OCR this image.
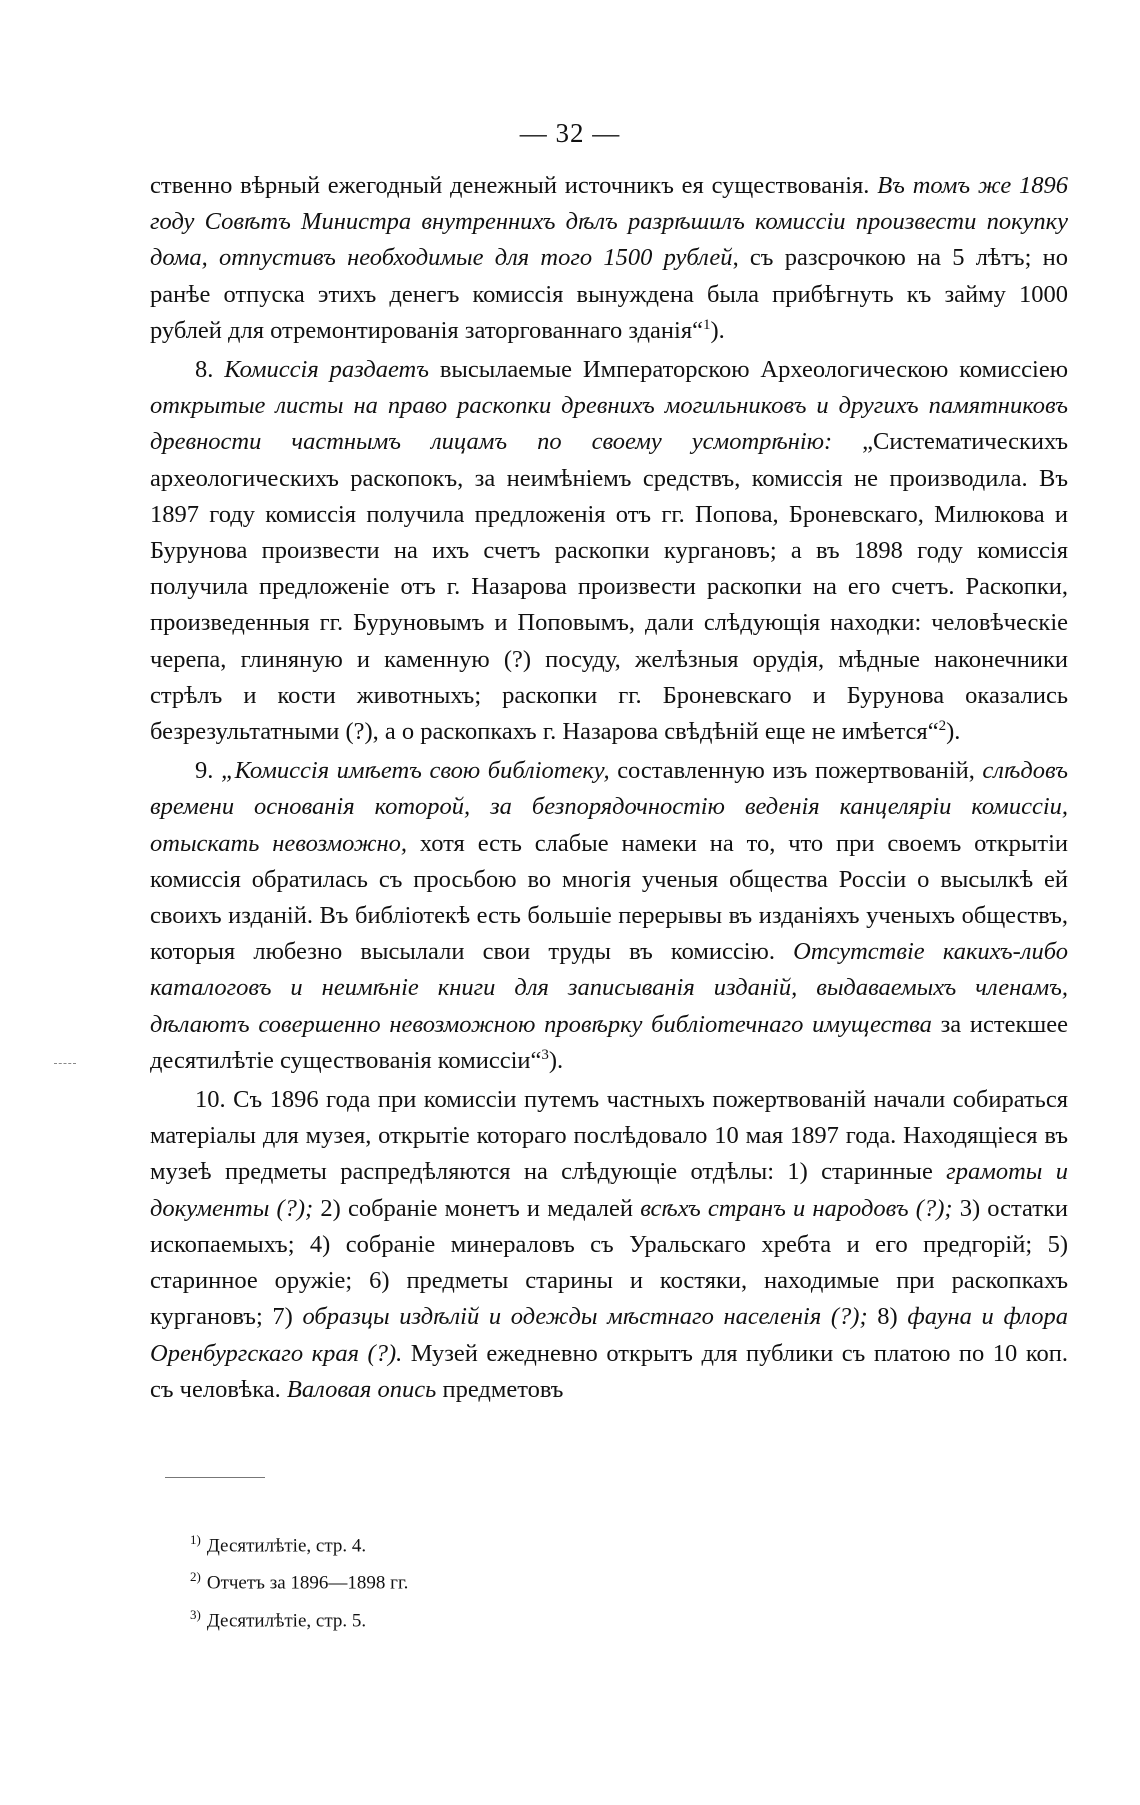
— 32 —

ственно вѣрный ежегодный денежный источникъ ея существованія. Въ томъ же 1896 году Совѣтъ Министра внутреннихъ дѣлъ разрѣшилъ комиссіи произвести покупку дома, отпустивъ необходимые для того 1500 рублей, съ разсрочкою на 5 лѣтъ; но ранѣе отпуска этихъ денегъ комиссія вынуждена была прибѣгнуть къ займу 1000 рублей для отремонтированія заторгованнаго зданія“$^1$).

8. Комиссія раздаетъ высылаемые Императорскою Археологическою комиссіею открытые листы на право раскопки древнихъ могильниковъ и другихъ памятниковъ древности частнымъ лицамъ по своему усмотрѣнію: „Систематическихъ археологическихъ раскопокъ, за неимѣніемъ средствъ, комиссія не производила. Въ 1897 году комиссія получила предложенія отъ гг. Попова, Броневскаго, Милюкова и Бурунова произвести на ихъ счетъ раскопки кургановъ; а въ 1898 году комиссія получила предложеніе отъ г. Назарова произвести раскопки на его счетъ. Раскопки, произведенныя гг. Буруновымъ и Поповымъ, дали слѣдующія находки: человѣческіе черепа, глиняную и каменную (?) посуду, желѣзныя орудія, мѣдные наконечники стрѣлъ и кости животныхъ; раскопки гг. Броневскаго и Бурунова оказались безрезультатными (?), а о раскопкахъ г. Назарова свѣдѣній еще не имѣется“$^2$).

9. „Комиссія имѣетъ свою библіотеку, составленную изъ пожертвованій, слѣдовъ времени основанія которой, за безпорядочностію веденія канцеляріи комиссіи, отыскать невозможно, хотя есть слабые намеки на то, что при своемъ открытіи комиссія обратилась съ просьбою во многія ученыя общества Россіи о высылкѣ ей своихъ изданій. Въ библіотекѣ есть большіе перерывы въ изданіяхъ ученыхъ обществъ, которыя любезно высылали свои труды въ комиссію. Отсутствіе какихъ-либо каталоговъ и неимѣніе книги для записыванія изданій, выдаваемыхъ членамъ, дѣлаютъ совершенно невозможною провѣрку библіотечнаго имущества за истекшее десятилѣтіе существованія комиссіи“$^3$).

10. Съ 1896 года при комиссіи путемъ частныхъ пожертвованій начали собираться матеріалы для музея, открытіе котораго послѣдовало 10 мая 1897 года. Находящіеся въ музеѣ предметы распредѣляются на слѣдующіе отдѣлы: 1) старинные грамоты и документы (?); 2) собраніе монетъ и медалей всѣхъ странъ и народовъ (?); 3) остатки ископаемыхъ; 4) собраніе минераловъ съ Уральскаго хребта и его предгорій; 5) старинное оружіе; 6) предметы старины и костяки, находимые при раскопкахъ кургановъ; 7) образцы издѣлій и одежды мѣстнаго населенія (?); 8) фауна и флора Оренбургскаго края (?). Музей ежедневно открытъ для публики съ платою по 10 коп. съ человѣка. Валовая опись предметовъ

$^{1)}$ Десятилѣтіе, стр. 4.
$^{2)}$ Отчетъ за 1896—1898 гг.
$^{3)}$ Десятилѣтіе, стр. 5.
